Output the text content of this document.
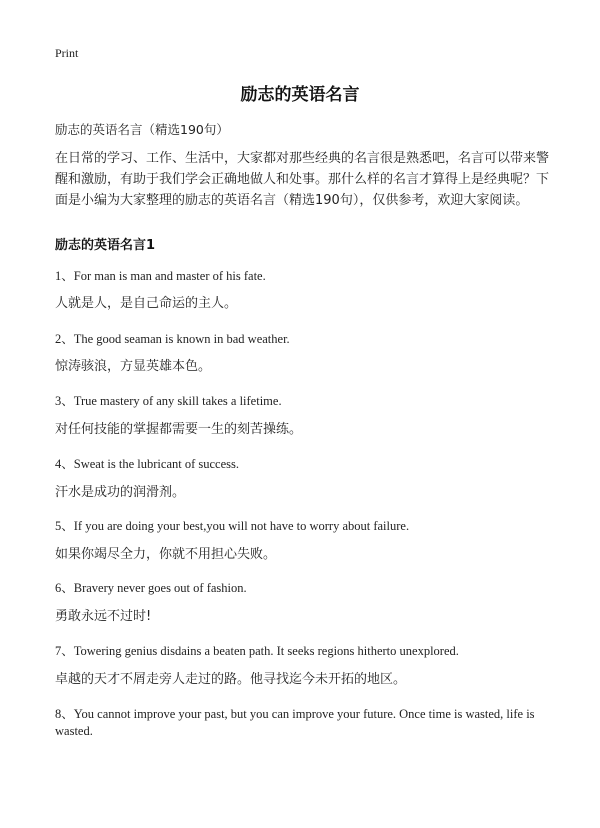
Print
励志的英语名言
励志的英语名言（精选190句）

在日常的学习、工作、生活中，大家都对那些经典的名言很是熟悉吧，名言可以带来警醒和激励，有助于我们学会正确地做人和处事。那什么样的名言才算得上是经典呢？下面是小编为大家整理的励志的英语名言（精选190句），仅供参考，欢迎大家阅读。

励志的英语名言1

1、For man is man and master of his fate.

人就是人，是自己命运的主人。

2、The good seaman is known in bad weather.

惊涛骇浪，方显英雄本色。

3、True mastery of any skill takes a lifetime.

对任何技能的掌握都需要一生的刻苦操练。

4、Sweat is the lubricant of success.

汗水是成功的润滑剂。

5、If you are doing your best,you will not have to worry about failure.

如果你竭尽全力，你就不用担心失败。

6、Bravery never goes out of fashion.

勇敢永远不过时!

7、Towering genius disdains a beaten path. It seeks regions hitherto unexplored.

卓越的天才不屑走旁人走过的路。他寻找迄今未开拓的地区。

8、You cannot improve your past, but you can improve your future. Once time is wasted, life is wasted.
